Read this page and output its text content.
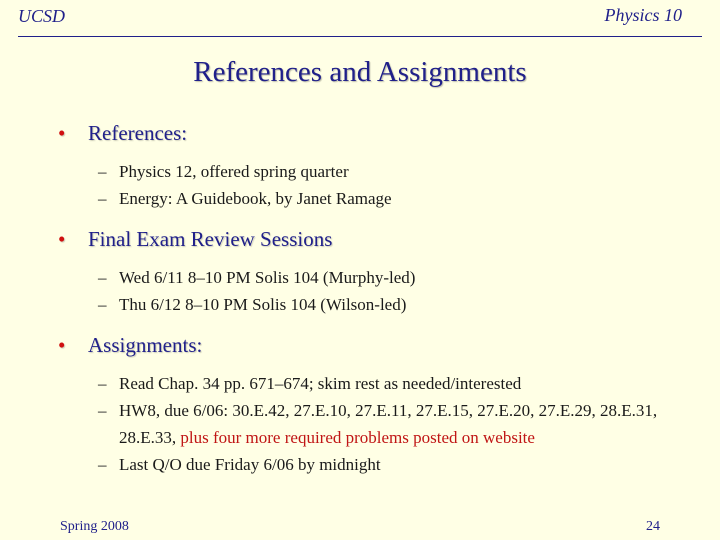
UCSD	Physics 10
References and Assignments
• References:
– Physics 12, offered spring quarter
– Energy: A Guidebook, by Janet Ramage
• Final Exam Review Sessions
– Wed 6/11 8–10 PM Solis 104 (Murphy-led)
– Thu 6/12 8–10 PM Solis 104 (Wilson-led)
• Assignments:
– Read Chap. 34 pp. 671–674; skim rest as needed/interested
– HW8, due 6/06: 30.E.42, 27.E.10, 27.E.11, 27.E.15, 27.E.20, 27.E.29, 28.E.31, 28.E.33, plus four more required problems posted on website
– Last Q/O due Friday 6/06 by midnight
Spring 2008	24
